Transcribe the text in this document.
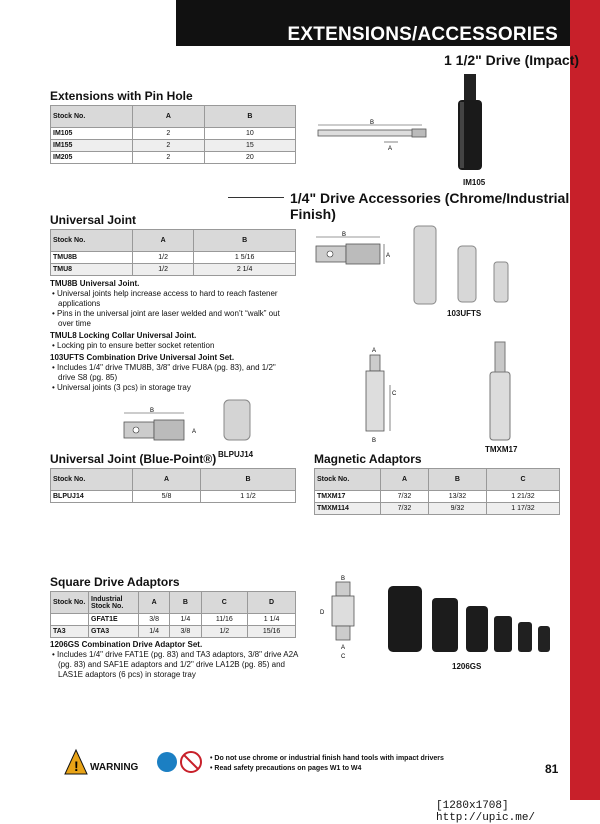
EXTENSIONS/ACCESSORIES
1 1/2" Drive (Impact)
Extensions with Pin Hole
Stock No.	A	B
IM105	2	10
IM155	2	15
IM205	2	20
B
A
IM105
1/4" Drive Accessories (Chrome/Industrial Finish)
Universal Joint
Stock No.	A	B
TMU8B	1/2	1 5/16
TMU8	1/2	2 1/4
TMU8B Universal Joint.
• Universal joints help increase access to hard to reach fastener applications
• Pins in the universal joint are laser welded and won’t “walk” out over time
TMUL8 Locking Collar Universal Joint.
• Locking pin to ensure better socket retention
103UFTS Combination Drive Universal Joint Set.
• Includes 1/4" drive TMU8B, 3/8" drive FU8A (pg. 83), and 1/2" drive S8 (pg. 85)
• Universal joints (3 pcs) in storage tray
B
A
103UFTS
C
A
B
TMXM17
B
A
BLPUJ14
Universal Joint (Blue-Point®)
Stock No.	A	B
BLPUJ14	5/8	1 1/2
Magnetic Adaptors
Stock No.	A	B	C
TMXM17	7/32	13/32	1 21/32
TMXM114	7/32	9/32	1 17/32
Square Drive Adaptors
Stock No.	Industrial Stock No.	A	B	C	D
	GFAT1E	3/8	1/4	11/16	1 1/4
TA3	GTA3	1/4	3/8	1/2	15/16
1206GS Combination Drive Adaptor Set.
• Includes 1/4" drive FAT1E (pg. 83) and TA3 adaptors, 3/8" drive A2A (pg. 83) and SAF1E adaptors and 1/2" drive LA12B (pg. 85) and LAS1E adaptors (6 pcs) in storage tray
B
D
A
C
1206GS
! WARNING
• Do not use chrome or industrial finish hand tools with impact drivers
• Read safety precautions on pages W1 to W4	81
[1280x1708] http://upic.me/
